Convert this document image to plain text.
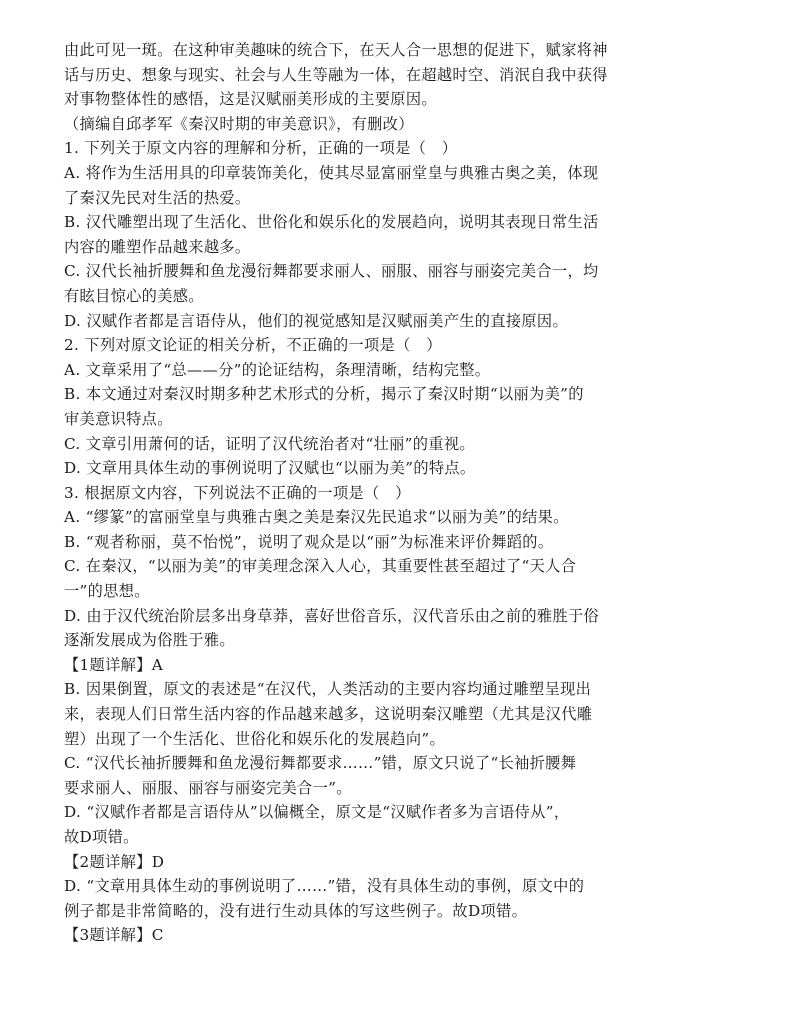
由此可见一斑。在这种审美趣味的统合下，在天人合一思想的促进下，赋家将神
话与历史、想象与现实、社会与人生等融为一体，在超越时空、消泯自我中获得
对事物整体性的感悟，这是汉赋丽美形成的主要原因。
（摘编自邱孝军《秦汉时期的审美意识》，有删改）
1. 下列关于原文内容的理解和分析，正确的一项是（　）
A. 将作为生活用具的印章装饰美化，使其尽显富丽堂皇与典雅古奥之美，体现
了秦汉先民对生活的热爱。
B. 汉代雕塑出现了生活化、世俗化和娱乐化的发展趋向，说明其表现日常生活
内容的雕塑作品越来越多。
C. 汉代长袖折腰舞和鱼龙漫衍舞都要求丽人、丽服、丽容与丽姿完美合一，均
有眩目惊心的美感。
D. 汉赋作者都是言语侍从，他们的视觉感知是汉赋丽美产生的直接原因。
2. 下列对原文论证的相关分析，不正确的一项是（　）
A. 文章采用了“总——分”的论证结构，条理清晰，结构完整。
B. 本文通过对秦汉时期多种艺术形式的分析，揭示了秦汉时期“以丽为美”的
审美意识特点。
C. 文章引用萧何的话，证明了汉代统治者对“壮丽”的重视。
D. 文章用具体生动的事例说明了汉赋也“以丽为美”的特点。
3. 根据原文内容，下列说法不正确的一项是（　）
A. “缪篆”的富丽堂皇与典雅古奥之美是秦汉先民追求“以丽为美”的结果。
B. “观者称丽，莫不怡悦”，说明了观众是以“丽”为标准来评价舞蹈的。
C. 在秦汉，“以丽为美”的审美理念深入人心，其重要性甚至超过了“天人合
一”的思想。
D. 由于汉代统治阶层多出身草莽，喜好世俗音乐，汉代音乐由之前的雅胜于俗
逐渐发展成为俗胜于雅。
【1题详解】A
B. 因果倒置，原文的表述是“在汉代，人类活动的主要内容均通过雕塑呈现出
来，表现人们日常生活内容的作品越来越多，这说明秦汉雕塑（尤其是汉代雕
塑）出现了一个生活化、世俗化和娱乐化的发展趋向”。
C. “汉代长袖折腰舞和鱼龙漫衍舞都要求……”错，原文只说了“长袖折腰舞
要求丽人、丽服、丽容与丽姿完美合一”。
D. “汉赋作者都是言语侍从”以偏概全，原文是“汉赋作者多为言语侍从”，
故D项错。
【2题详解】D
D. “文章用具体生动的事例说明了……”错，没有具体生动的事例，原文中的
例子都是非常简略的，没有进行生动具体的写这些例子。故D项错。
【3题详解】C
